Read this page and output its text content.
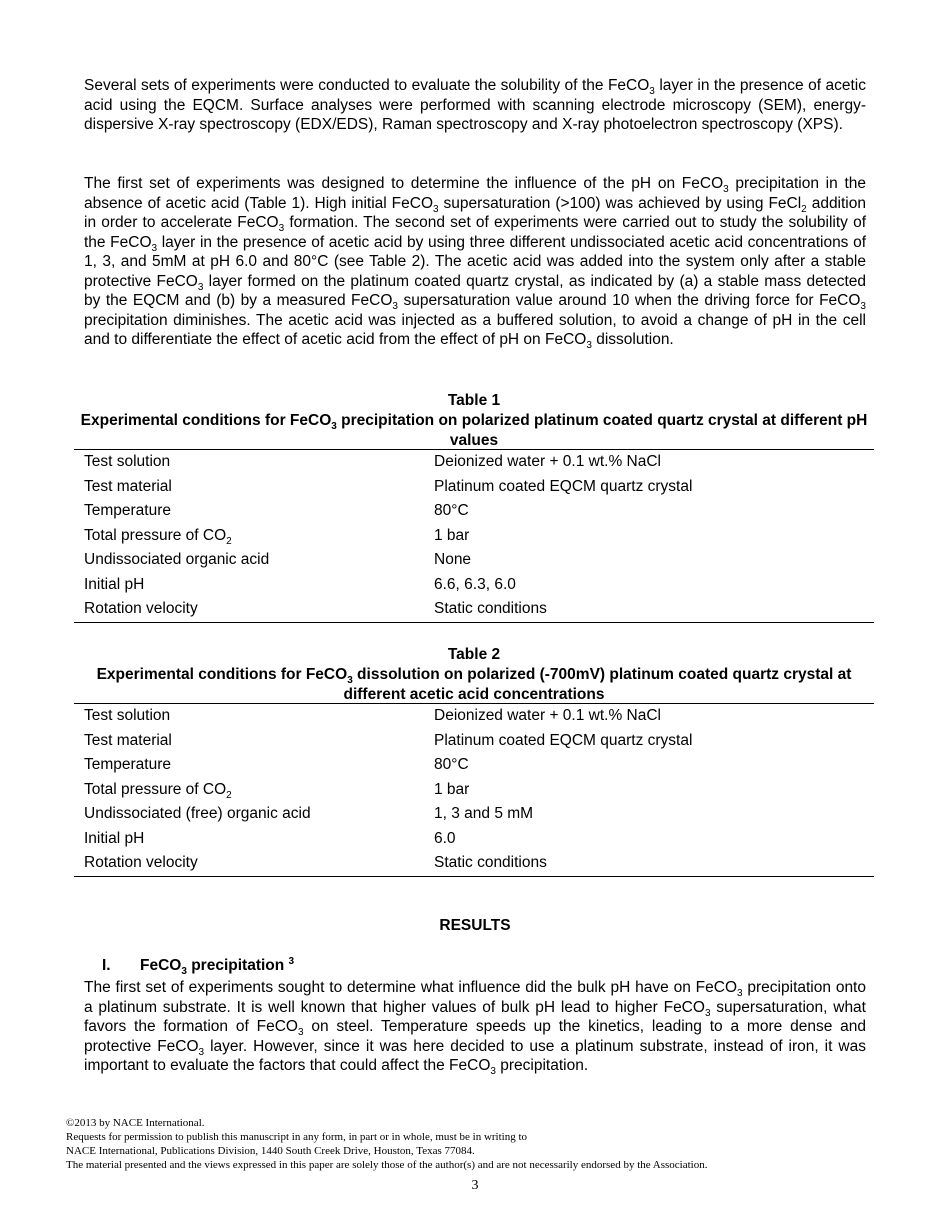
Several sets of experiments were conducted to evaluate the solubility of the FeCO$_3$ layer in the presence of acetic acid using the EQCM. Surface analyses were performed with scanning electrode microscopy (SEM), energy-dispersive X-ray spectroscopy (EDX/EDS), Raman spectroscopy and X-ray photoelectron spectroscopy (XPS).

The first set of experiments was designed to determine the influence of the pH on FeCO$_3$ precipitation in the absence of acetic acid (Table 1). High initial FeCO$_3$ supersaturation (>100) was achieved by using FeCl$_2$ addition in order to accelerate FeCO$_3$ formation. The second set of experiments were carried out to study the solubility of the FeCO$_3$ layer in the presence of acetic acid by using three different undissociated acetic acid concentrations of 1, 3, and 5mM at pH 6.0 and 80°C (see Table 2). The acetic acid was added into the system only after a stable protective FeCO$_3$ layer formed on the platinum coated quartz crystal, as indicated by (a) a stable mass detected by the EQCM and (b) by a measured FeCO$_3$ supersaturation value around 10 when the driving force for FeCO$_3$ precipitation diminishes. The acetic acid was injected as a buffered solution, to avoid a change of pH in the cell and to differentiate the effect of acetic acid from the effect of pH on FeCO$_3$ dissolution.

Table 1
Experimental conditions for FeCO$_3$ precipitation on polarized platinum coated quartz crystal at different pH values
Test solution	Deionized water + 0.1 wt.% NaCl
Test material	Platinum coated EQCM quartz crystal
Temperature	80°C
Total pressure of $CO_2$	1 bar
Undissociated organic acid	None
Initial pH	6.6, 6.3, 6.0
Rotation velocity	Static conditions
Table 2
Experimental conditions for FeCO$_3$ dissolution on polarized (-700mV) platinum coated quartz crystal at different acetic acid concentrations
Test solution	Deionized water + 0.1 wt.% NaCl
Test material	Platinum coated EQCM quartz crystal
Temperature	80°C
Total pressure of $CO_2$	1 bar
Undissociated (free) organic acid	1, 3 and 5 mM
Initial pH	6.0
Rotation velocity	Static conditions
RESULTS
I. FeCO$_3$ precipitation $^3$

The first set of experiments sought to determine what influence did the bulk pH have on FeCO$_3$ precipitation onto a platinum substrate. It is well known that higher values of bulk pH lead to higher FeCO$_3$ supersaturation, what favors the formation of FeCO$_3$ on steel. Temperature speeds up the kinetics, leading to a more dense and protective FeCO$_3$ layer. However, since it was here decided to use a platinum substrate, instead of iron, it was important to evaluate the factors that could affect the FeCO$_3$ precipitation.

©2013 by NACE International.
Requests for permission to publish this manuscript in any form, in part or in whole, must be in writing to
NACE International, Publications Division, 1440 South Creek Drive, Houston, Texas 77084.
The material presented and the views expressed in this paper are solely those of the author(s) and are not necessarily endorsed by the Association.
3
